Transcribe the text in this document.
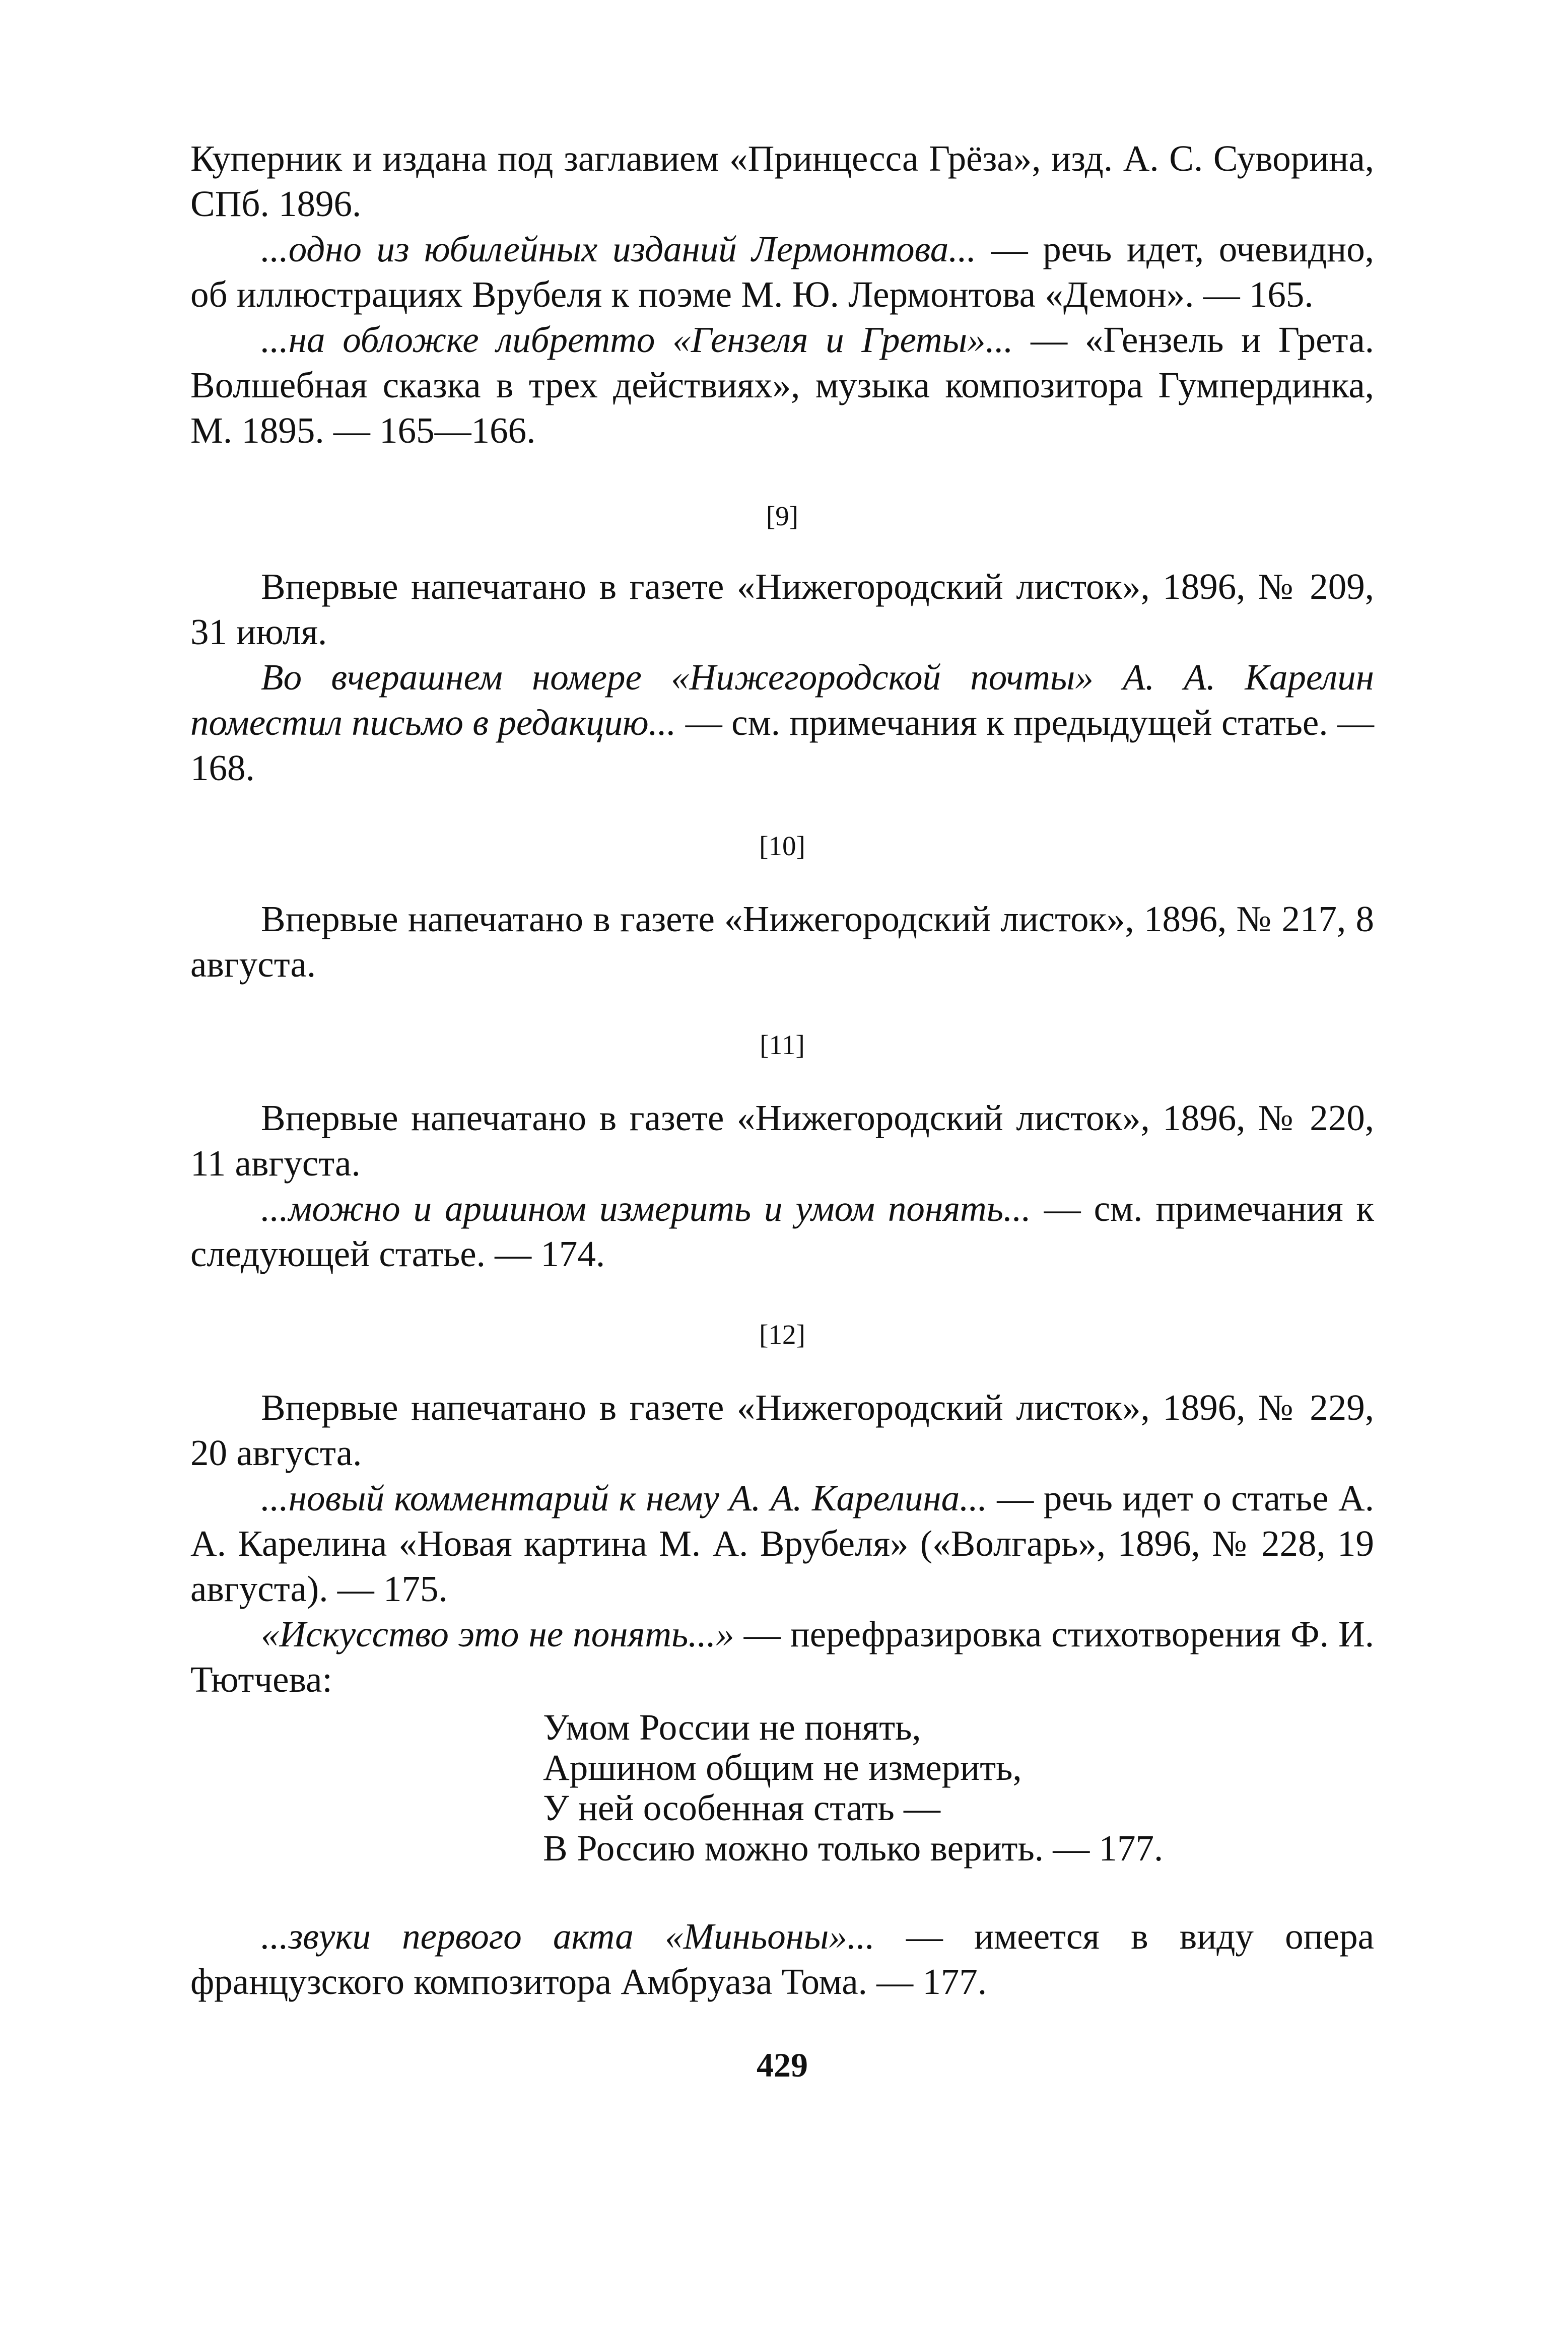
Куперник и издана под заглавием «Принцесса Грёза», изд. А. С. Суворина, СПб. 1896.

...одно из юбилейных изданий Лермонтова... — речь идет, очевидно, об иллюстрациях Врубеля к поэме М. Ю. Лермонтова «Демон». — 165.

...на обложке либретто «Гензеля и Греты»... — «Гензель и Грета. Волшебная сказка в трех действиях», музыка композитора Гумпердинка, М. 1895. — 165—166.

[9]

Впервые напечатано в газете «Нижегородский листок», 1896, № 209, 31 июля.

Во вчерашнем номере «Нижегородской почты» А. А. Карелин поместил письмо в редакцию... — см. примечания к предыдущей статье. — 168.

[10]

Впервые напечатано в газете «Нижегородский листок», 1896, № 217, 8 августа.

[11]

Впервые напечатано в газете «Нижегородский листок», 1896, № 220, 11 августа.

...можно и аршином измерить и умом понять... — см. примечания к следующей статье. — 174.

[12]

Впервые напечатано в газете «Нижегородский листок», 1896, № 229, 20 августа.

...новый комментарий к нему А. А. Карелина... — речь идет о статье А. А. Карелина «Новая картина М. А. Врубеля» («Волгарь», 1896, № 228, 19 августа). — 175.

«Искусство это не понять...» — перефразировка стихотворения Ф. И. Тютчева:

Умом России не понять,
Аршином общим не измерить,
У ней особенная стать —
В Россию можно только верить. — 177.

...звуки первого акта «Миньоны»... — имеется в виду опера французского композитора Амбруаза Тома. — 177.

429
